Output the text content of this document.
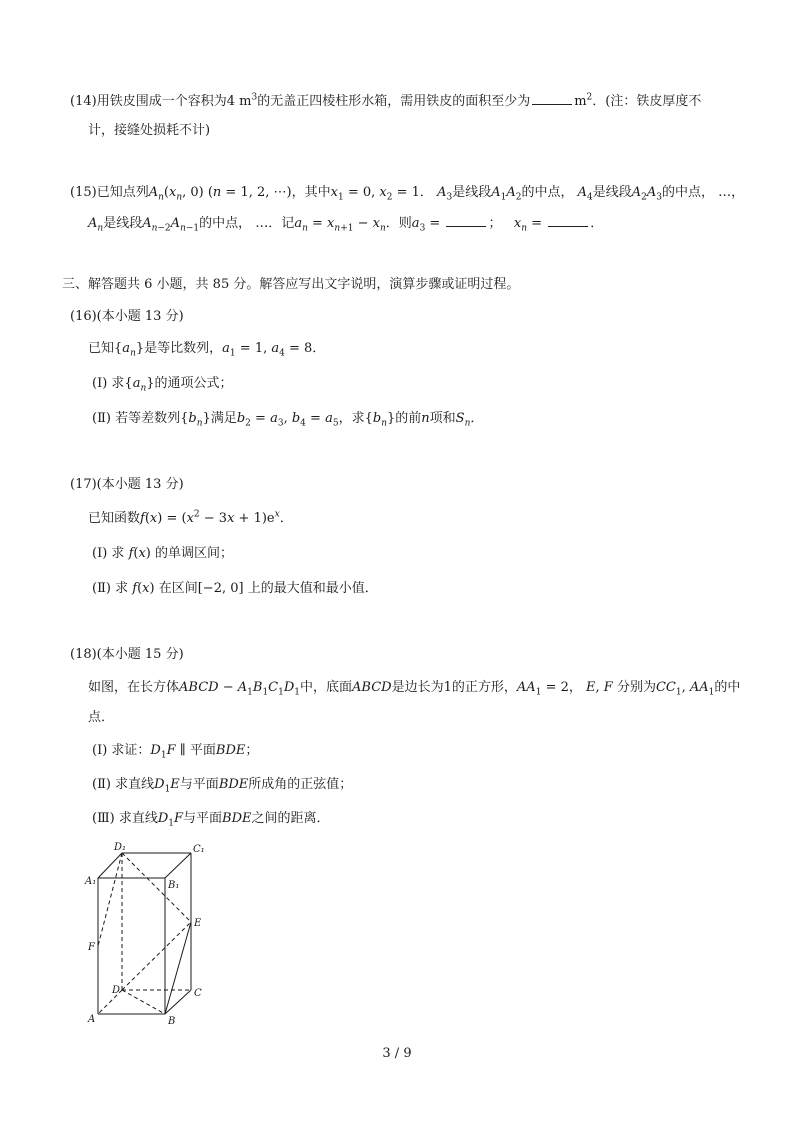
(14)用铁皮围成一个容积为4 $m^3$的无盖正四棱柱形水箱，需用铁皮的面积至少为	$m^2$．(注：铁皮厚度不
计，接缝处损耗不计)
(15)已知点列$A_n(x_n$, 0) (n = 1, 2, ⋯)，其中$x_1 = 0$, $x_2 = 1$． $A_3$是线段$A_1A_2$的中点， $A_4$是线段$A_2A_3$的中点， …，
$A_n$是线段$A_{n-2}A_{n-1}$的中点， …．记$a_n = x_{n+1} - x_n$．则$a_3$ =	； $x_n$ =	．
三、解答题共 6 小题，共 85 分。解答应写出文字说明，演算步骤或证明过程。
(16)(本小题 13 分)
已知$\{a_n\}$是等比数列，$a_1 = 1$, $a_4 = 8$．
(Ⅰ) 求$\{a_n\}$的通项公式；
(Ⅱ) 若等差数列$\{b_n\}$满足$b_2 = a_3$, $b_4 = a_5$，求$\{b_n\}$的前n项和$S_n$．
(17)(本小题 13 分)
已知函数$f(x) = (x^2 - 3x + 1)e^x$．
(Ⅰ) 求 f(x) 的单调区间；
(Ⅱ) 求 f(x) 在区间[−2, 0] 上的最大值和最小值．
(18)(本小题 15 分)
如图，在长方体ABCD − $A_1B_1C_1D_1$中，底面ABCD是边长为1的正方形，$AA_1 = 2$， E, F 分别为$CC_1$, $AA_1$的中
点．
(Ⅰ) 求证：$D_1F$ ∥ 平面BDE；
(Ⅱ) 求直线$D_1E$与平面BDE所成角的正弦值；
(Ⅲ) 求直线$D_1F$与平面BDE之间的距离．
D₁	C₁
A₁	B₁
E
F
D	C
A	B
3 / 9
